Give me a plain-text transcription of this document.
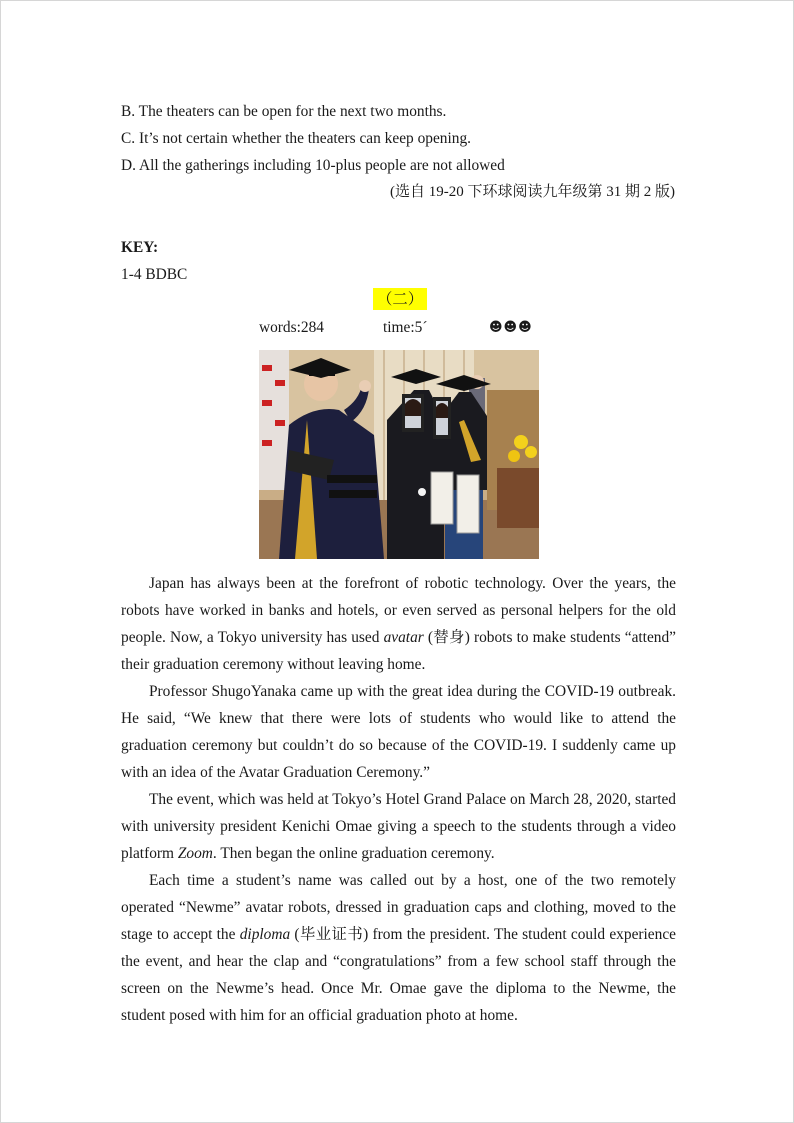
B. The theaters can be open for the next two months.
C. It’s not certain whether the theaters can keep opening.
D. All the gatherings including 10-plus people are not allowed
(选自 19-20 下环球阅读九年级第 31 期 2 版)
KEY:
1-4 BDBC
（二）
words:284	time:5´	☻☻☻

Japan has always been at the forefront of robotic technology. Over the years, the robots have worked in banks and hotels, or even served as personal helpers for the old people. Now, a Tokyo university has used avatar (替身) robots to make students “attend” their graduation ceremony without leaving home.

Professor ShugoYanaka came up with the great idea during the COVID-19 outbreak. He said, “We knew that there were lots of students who would like to attend the graduation ceremony but couldn’t do so because of the COVID-19. I suddenly came up with an idea of the Avatar Graduation Ceremony.”

The event, which was held at Tokyo’s Hotel Grand Palace on March 28, 2020, started with university president Kenichi Omae giving a speech to the students through a video platform Zoom. Then began the online graduation ceremony.

Each time a student’s name was called out by a host, one of the two remotely operated “Newme” avatar robots, dressed in graduation caps and clothing, moved to the stage to accept the diploma (毕业证书) from the president. The student could experience the event, and hear the clap and “congratulations” from a few school staff through the screen on the Newme’s head. Once Mr. Omae gave the diploma to the Newme, the student posed with him for an official graduation photo at home.
